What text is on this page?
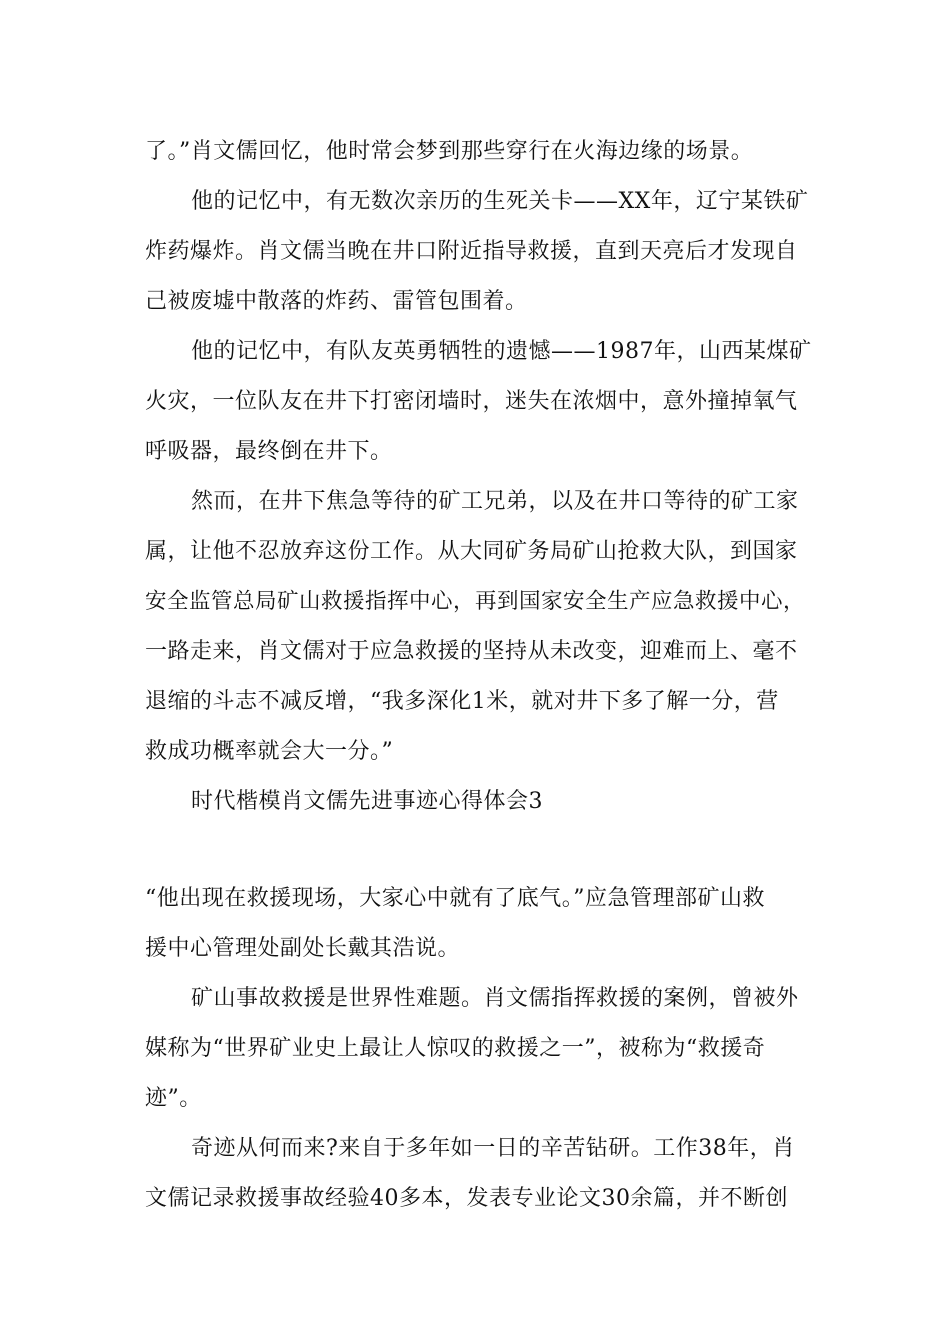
了。”肖文儒回忆，他时常会梦到那些穿行在火海边缘的场景。
他的记忆中，有无数次亲历的生死关卡——XX年，辽宁某铁矿
炸药爆炸。肖文儒当晚在井口附近指导救援，直到天亮后才发现自
己被废墟中散落的炸药、雷管包围着。
他的记忆中，有队友英勇牺牲的遗憾——1987年，山西某煤矿
火灾，一位队友在井下打密闭墙时，迷失在浓烟中，意外撞掉氧气
呼吸器，最终倒在井下。
然而，在井下焦急等待的矿工兄弟，以及在井口等待的矿工家
属，让他不忍放弃这份工作。从大同矿务局矿山抢救大队，到国家
安全监管总局矿山救援指挥中心，再到国家安全生产应急救援中心，
一路走来，肖文儒对于应急救援的坚持从未改变，迎难而上、毫不
退缩的斗志不减反增，“我多深化1米，就对井下多了解一分，营
救成功概率就会大一分。”
时代楷模肖文儒先进事迹心得体会3
“他出现在救援现场，大家心中就有了底气。”应急管理部矿山救
援中心管理处副处长戴其浩说。
矿山事故救援是世界性难题。肖文儒指挥救援的案例，曾被外
媒称为“世界矿业史上最让人惊叹的救援之一”，被称为“救援奇
迹”。
奇迹从何而来?来自于多年如一日的辛苦钻研。工作38年，肖
文儒记录救援事故经验40多本，发表专业论文30余篇，并不断创
